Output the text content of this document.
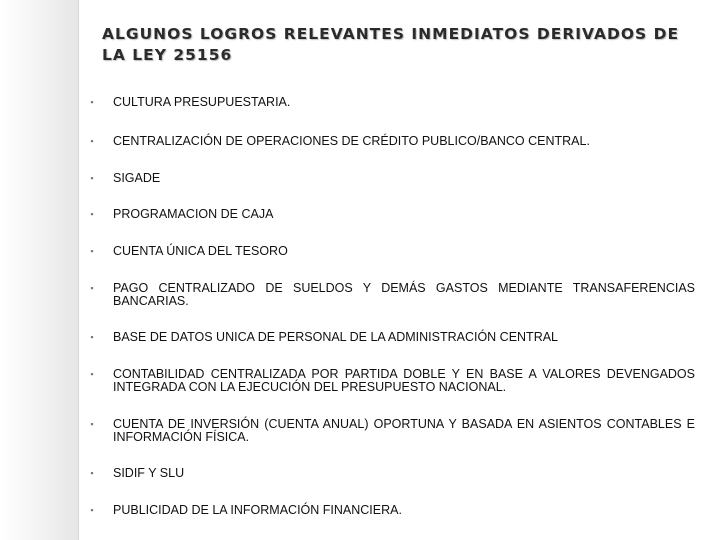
ALGUNOS LOGROS RELEVANTES INMEDIATOS DERIVADOS DE LA LEY 25156
▪ CULTURA PRESUPUESTARIA.
▪ CENTRALIZACIÓN DE OPERACIONES DE CRÉDITO PUBLICO/BANCO CENTRAL.
▪ SIGADE
▪ PROGRAMACION DE CAJA
▪ CUENTA ÚNICA DEL TESORO
▪ PAGO CENTRALIZADO DE SUELDOS Y DEMÁS GASTOS MEDIANTE TRANSAFERENCIAS BANCARIAS.
▪ BASE DE DATOS UNICA DE PERSONAL DE LA ADMINISTRACIÓN CENTRAL
▪ CONTABILIDAD CENTRALIZADA POR PARTIDA DOBLE Y EN BASE A VALORES DEVENGADOS INTEGRADA CON LA EJECUCIÓN DEL PRESUPUESTO NACIONAL.
▪ CUENTA DE INVERSIÓN (CUENTA ANUAL) OPORTUNA Y BASADA EN ASIENTOS CONTABLES E INFORMACIÓN FÍSICA.
▪ SIDIF Y SLU
▪ PUBLICIDAD DE LA INFORMACIÓN FINANCIERA.
